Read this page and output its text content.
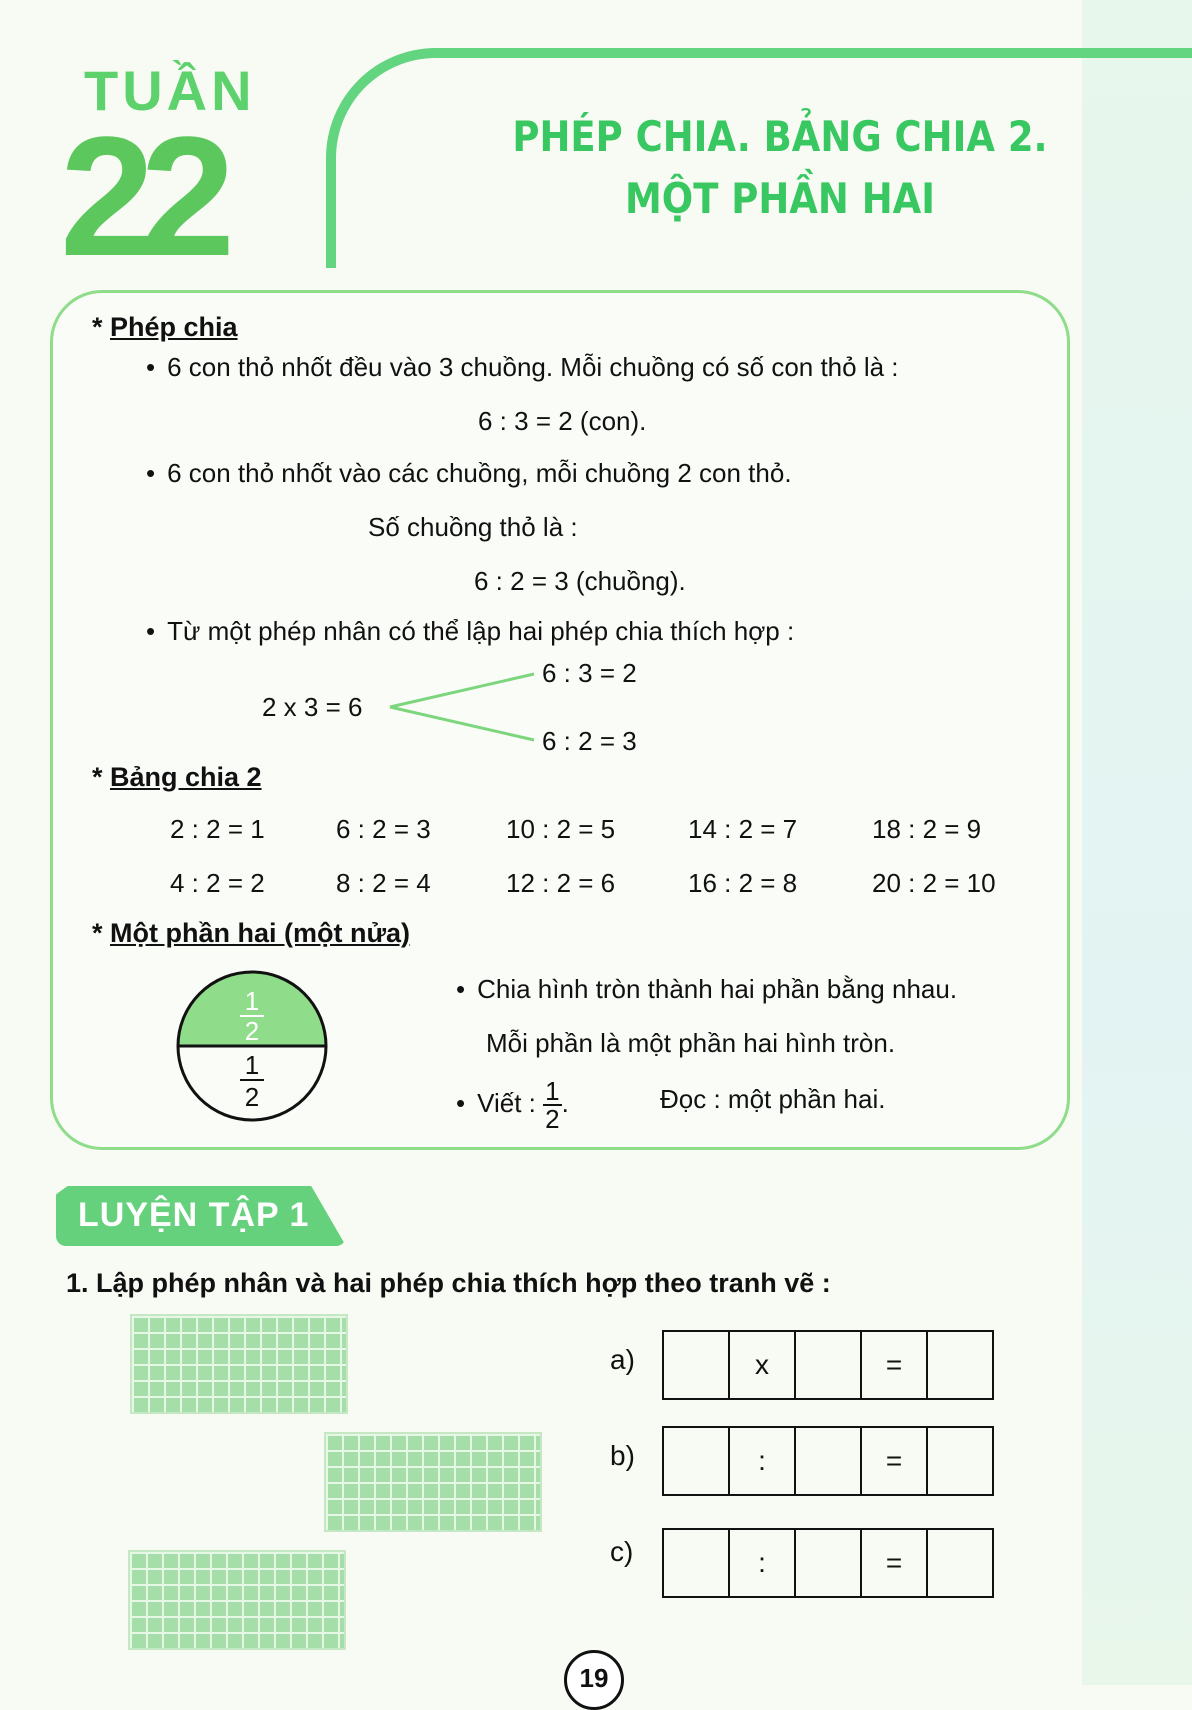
TUẦN
22	PHÉP CHIA. BẢNG CHIA 2.
MỘT PHẦN HAI
* Phép chia
• 6 con thỏ nhốt đều vào 3 chuồng. Mỗi chuồng có số con thỏ là :
6 : 3 = 2 (con).
• 6 con thỏ nhốt vào các chuồng, mỗi chuồng 2 con thỏ.
Số chuồng thỏ là :
6 : 2 = 3 (chuồng).
• Từ một phép nhân có thể lập hai phép chia thích hợp :
2 x 3 = 6
6 : 3 = 2
6 : 2 = 3
* Bảng chia 2
2 : 2 = 1	6 : 2 = 3	10 : 2 = 5	14 : 2 = 7	18 : 2 = 9
4 : 2 = 2	8 : 2 = 4	12 : 2 = 6	16 : 2 = 8	20 : 2 = 10
* Một phần hai (một nửa)
1
2
1
2
• Chia hình tròn thành hai phần bằng nhau.
Mỗi phần là một phần hai hình tròn.
• Viết : $\frac{1}{2}$ .	Đọc : một phần hai.
LUYỆN TẬP 1
1. Lập phép nhân và hai phép chia thích hợp theo tranh vẽ :
a)	x	=
b)	:	=
c)	:	=
19
